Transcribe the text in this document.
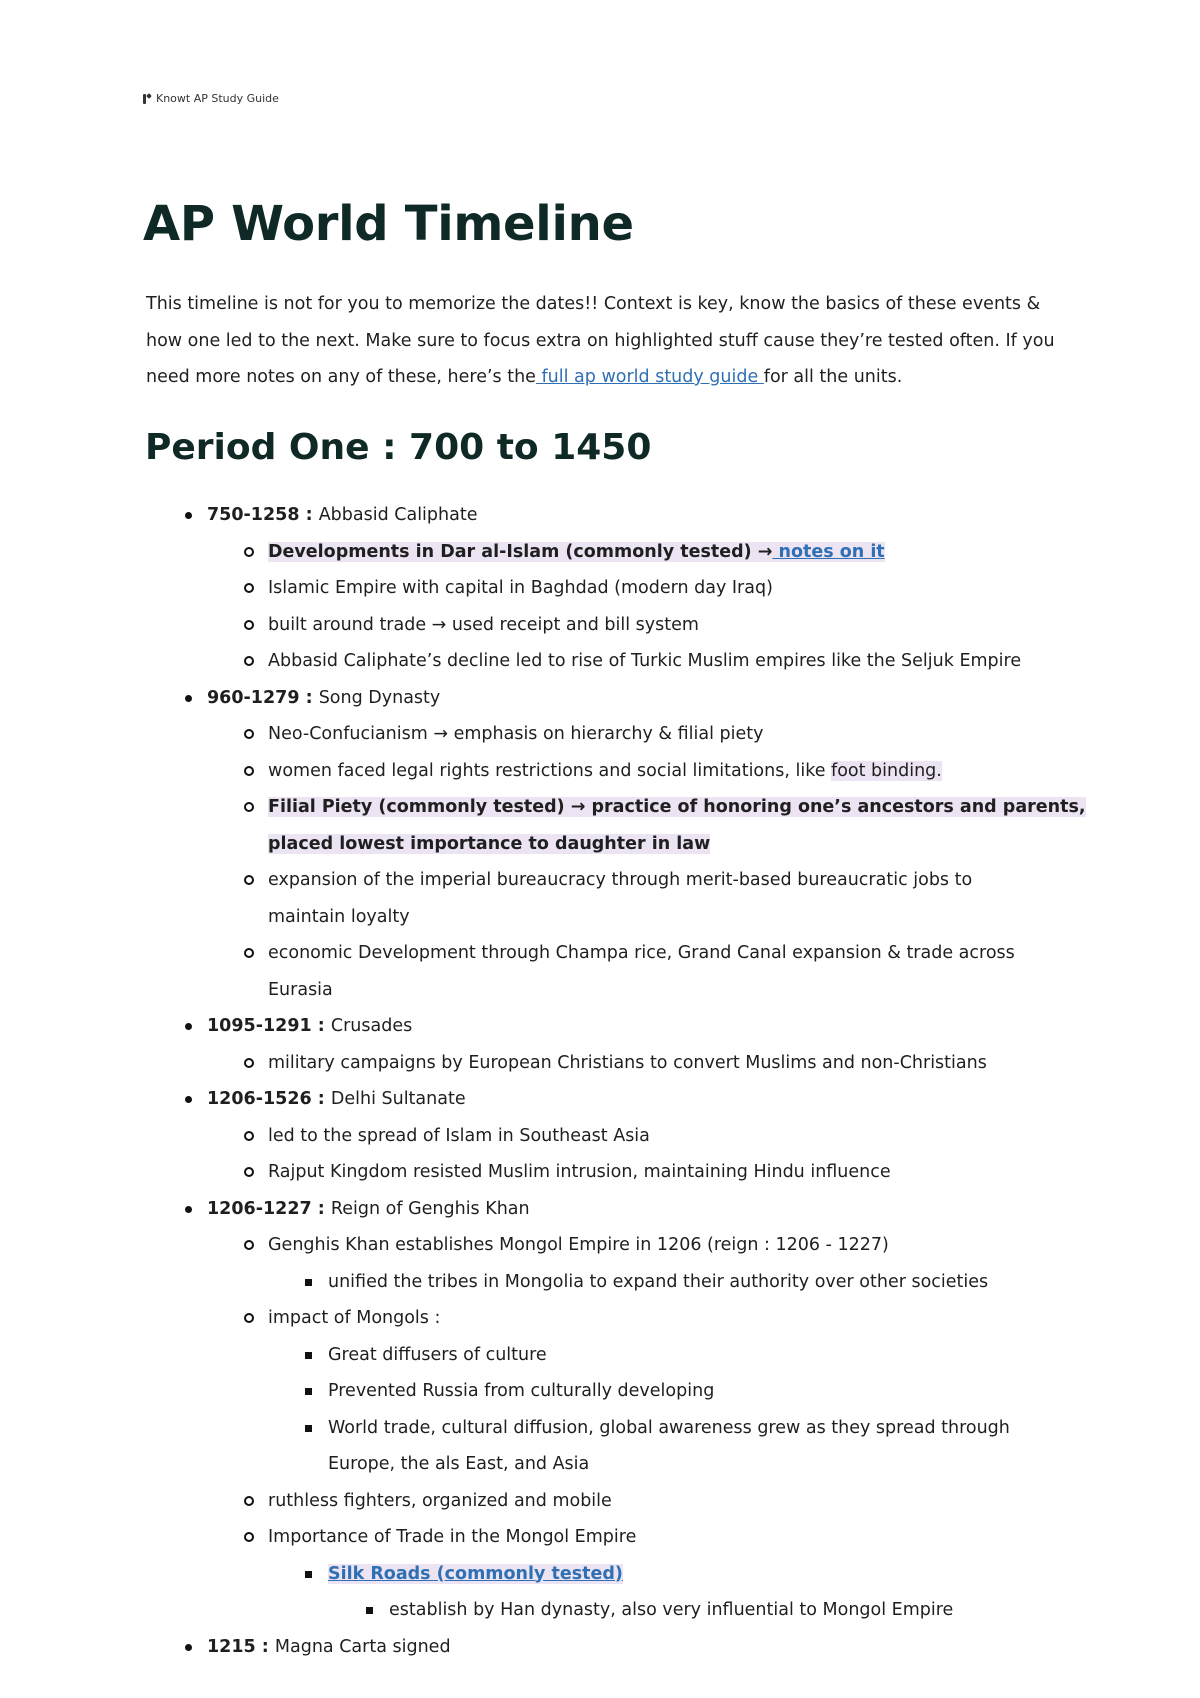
Knowt AP Study Guide
AP World Timeline

This timeline is not for you to memorize the dates!! Context is key, know the basics of these events & how one led to the next. Make sure to focus extra on highlighted stuff cause they’re tested often. If you need more notes on any of these, here’s the full ap world study guide for all the units.

Period One : 700 to 1450
750-1258 : Abbasid Caliphate
Developments in Dar al-Islam (commonly tested) → notes on it
Islamic Empire with capital in Baghdad (modern day Iraq)
built around trade → used receipt and bill system
Abbasid Caliphate’s decline led to rise of Turkic Muslim empires like the Seljuk Empire
960-1279 : Song Dynasty
Neo-Confucianism → emphasis on hierarchy & filial piety
women faced legal rights restrictions and social limitations, like foot binding.
Filial Piety (commonly tested) → practice of honoring one’s ancestors and parents,
placed lowest importance to daughter in law
expansion of the imperial bureaucracy through merit-based bureaucratic jobs to maintain loyalty
economic Development through Champa rice, Grand Canal expansion & trade across Eurasia
1095-1291 : Crusades
military campaigns by European Christians to convert Muslims and non-Christians
1206-1526 : Delhi Sultanate
led to the spread of Islam in Southeast Asia
Rajput Kingdom resisted Muslim intrusion, maintaining Hindu influence
1206-1227 : Reign of Genghis Khan
Genghis Khan establishes Mongol Empire in 1206 (reign : 1206 - 1227)
unified the tribes in Mongolia to expand their authority over other societies
impact of Mongols :
Great diffusers of culture
Prevented Russia from culturally developing
World trade, cultural diffusion, global awareness grew as they spread through Europe, the als East, and Asia
ruthless fighters, organized and mobile
Importance of Trade in the Mongol Empire
Silk Roads (commonly tested)
establish by Han dynasty, also very influential to Mongol Empire
1215 : Magna Carta signed
